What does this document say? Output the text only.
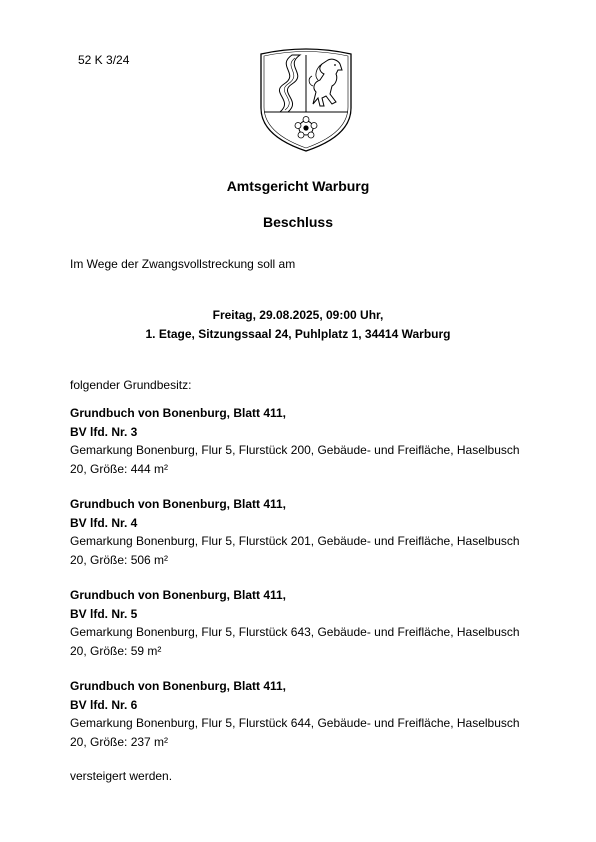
52 K 3/24
Amtsgericht Warburg
Beschluss
Im Wege der Zwangsvollstreckung soll am
Freitag, 29.08.2025, 09:00 Uhr,
1. Etage, Sitzungssaal 24, Puhlplatz 1, 34414 Warburg
folgender Grundbesitz:
Grundbuch von Bonenburg, Blatt 411,
BV lfd. Nr. 3
Gemarkung Bonenburg, Flur 5, Flurstück 200, Gebäude- und Freifläche, Haselbusch
20, Größe: 444 m²
Grundbuch von Bonenburg, Blatt 411,
BV lfd. Nr. 4
Gemarkung Bonenburg, Flur 5, Flurstück 201, Gebäude- und Freifläche, Haselbusch
20, Größe: 506 m²
Grundbuch von Bonenburg, Blatt 411,
BV lfd. Nr. 5
Gemarkung Bonenburg, Flur 5, Flurstück 643, Gebäude- und Freifläche, Haselbusch
20, Größe: 59 m²
Grundbuch von Bonenburg, Blatt 411,
BV lfd. Nr. 6
Gemarkung Bonenburg, Flur 5, Flurstück 644, Gebäude- und Freifläche, Haselbusch
20, Größe: 237 m²
versteigert werden.
